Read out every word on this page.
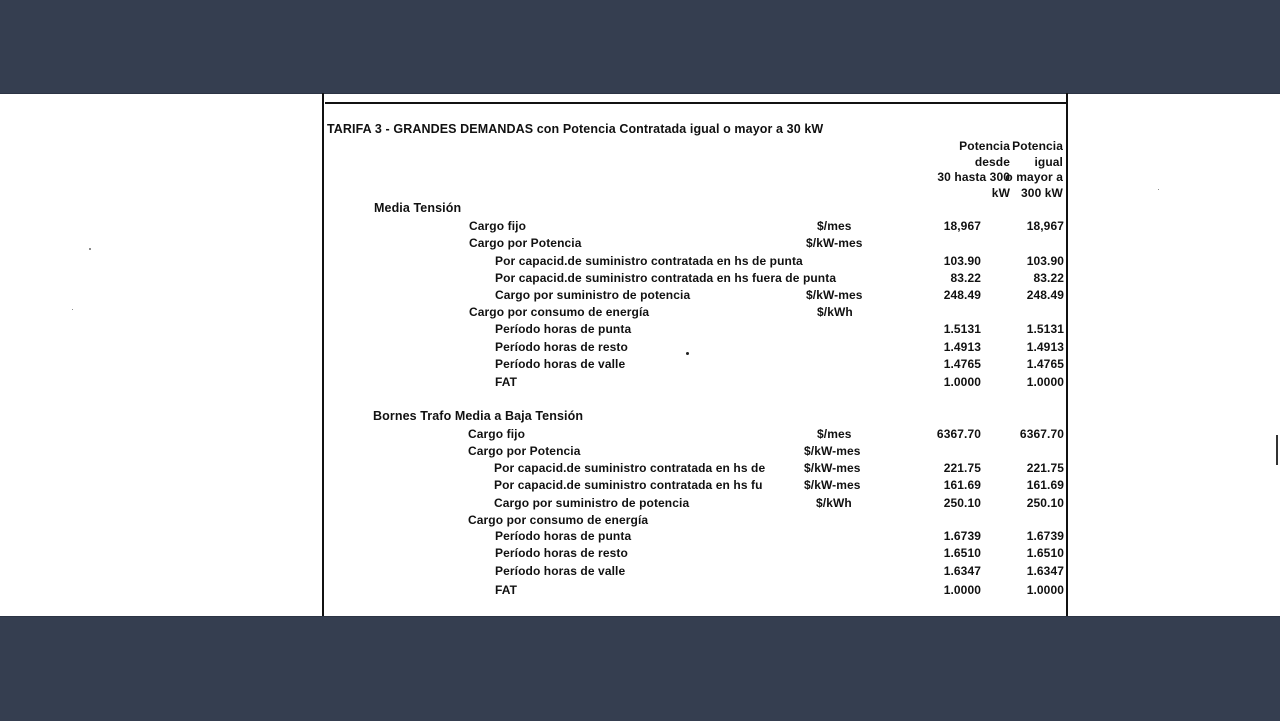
TARIFA 3 - GRANDES DEMANDAS con Potencia Contratada igual o mayor a 30 kW
Potencia
desde
30 hasta 300
kW
Potencia
igual
o mayor a
300 kW
Media Tensión
Cargo fijo	$/mes	18,967	18,967
Cargo por Potencia	$/kW-mes
Por capacid.de suministro contratada en hs de punta	103.90	103.90
Por capacid.de suministro contratada en hs fuera de punta	83.22	83.22
Cargo por suministro de potencia	$/kW-mes	248.49	248.49
Cargo por consumo de energía	$/kWh
Período horas de punta	1.5131	1.5131
Período horas de resto	1.4913	1.4913
Período horas de valle	1.4765	1.4765
FAT	1.0000	1.0000
Bornes Trafo Media a Baja Tensión
Cargo fijo	$/mes	6367.70	6367.70
Cargo por Potencia	$/kW-mes
Por capacid.de suministro contratada en hs de	$/kW-mes	221.75	221.75
Por capacid.de suministro contratada en hs fu	$/kW-mes	161.69	161.69
Cargo por suministro de potencia	$/kWh	250.10	250.10
Cargo por consumo de energía
Período horas de punta	1.6739	1.6739
Período horas de resto	1.6510	1.6510
Período horas de valle	1.6347	1.6347
FAT	1.0000	1.0000
